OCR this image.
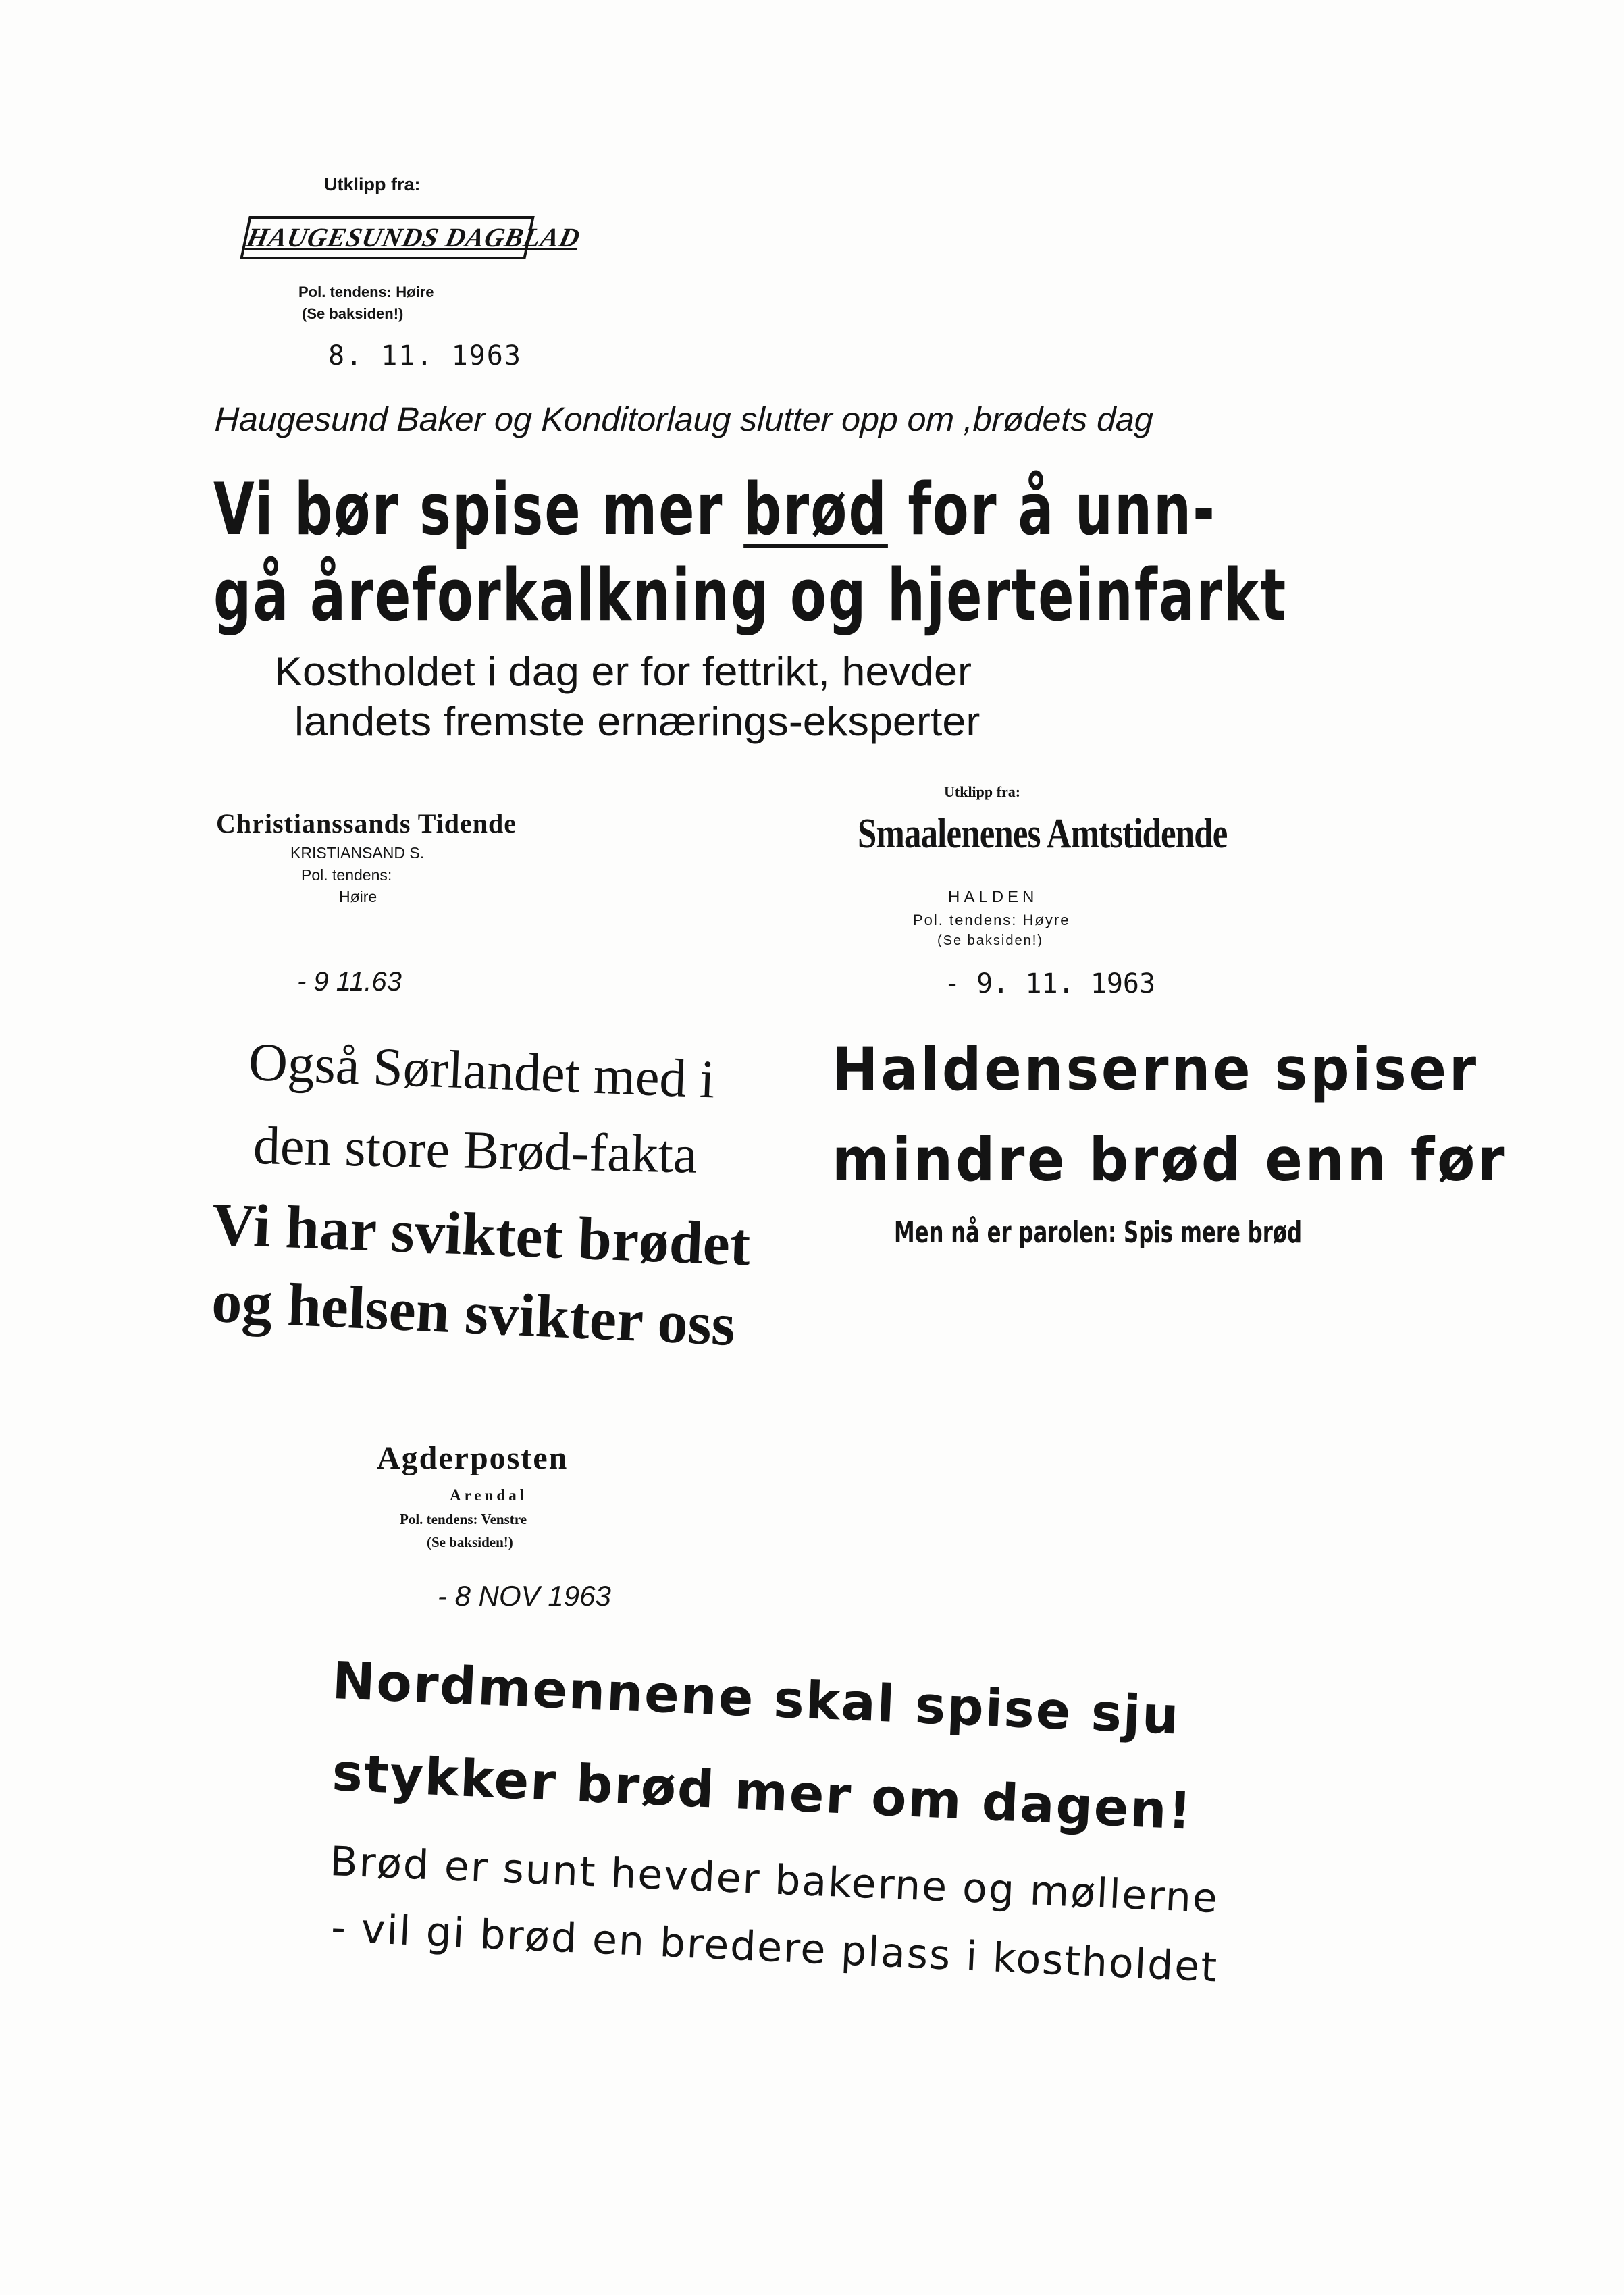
Utklipp fra:
HAUGESUNDS DAGBLAD
Pol. tendens: Høire
(Se baksiden!)
8. 11. 1963
Haugesund Baker og Konditorlaug slutter opp om ,brødets dag
Vi bør spise mer brød for å unn-
gå åreforkalkning og hjerteinfarkt
Kostholdet i dag er for fettrikt, hevder
landets fremste ernærings-eksperter
Christianssands Tidende
KRISTIANSAND S.
Pol. tendens:
Høire
- 9 11.63
Også Sørlandet med i
den store Brød-fakta
Vi har sviktet brødet
og helsen svikter oss
Utklipp fra:
Smaalenenes Amtstidende
HALDEN
Pol. tendens: Høyre
(Se baksiden!)
- 9. 11. 1963
Haldenserne spiser
mindre brød enn før
Men nå er parolen: Spis mere brød
Agderposten
Arendal
Pol. tendens: Venstre
(Se baksiden!)
- 8 NOV 1963
Nordmennene skal spise sju
stykker brød mer om dagen!
Brød er sunt hevder bakerne og møllerne
- vil gi brød en bredere plass i kostholdet
